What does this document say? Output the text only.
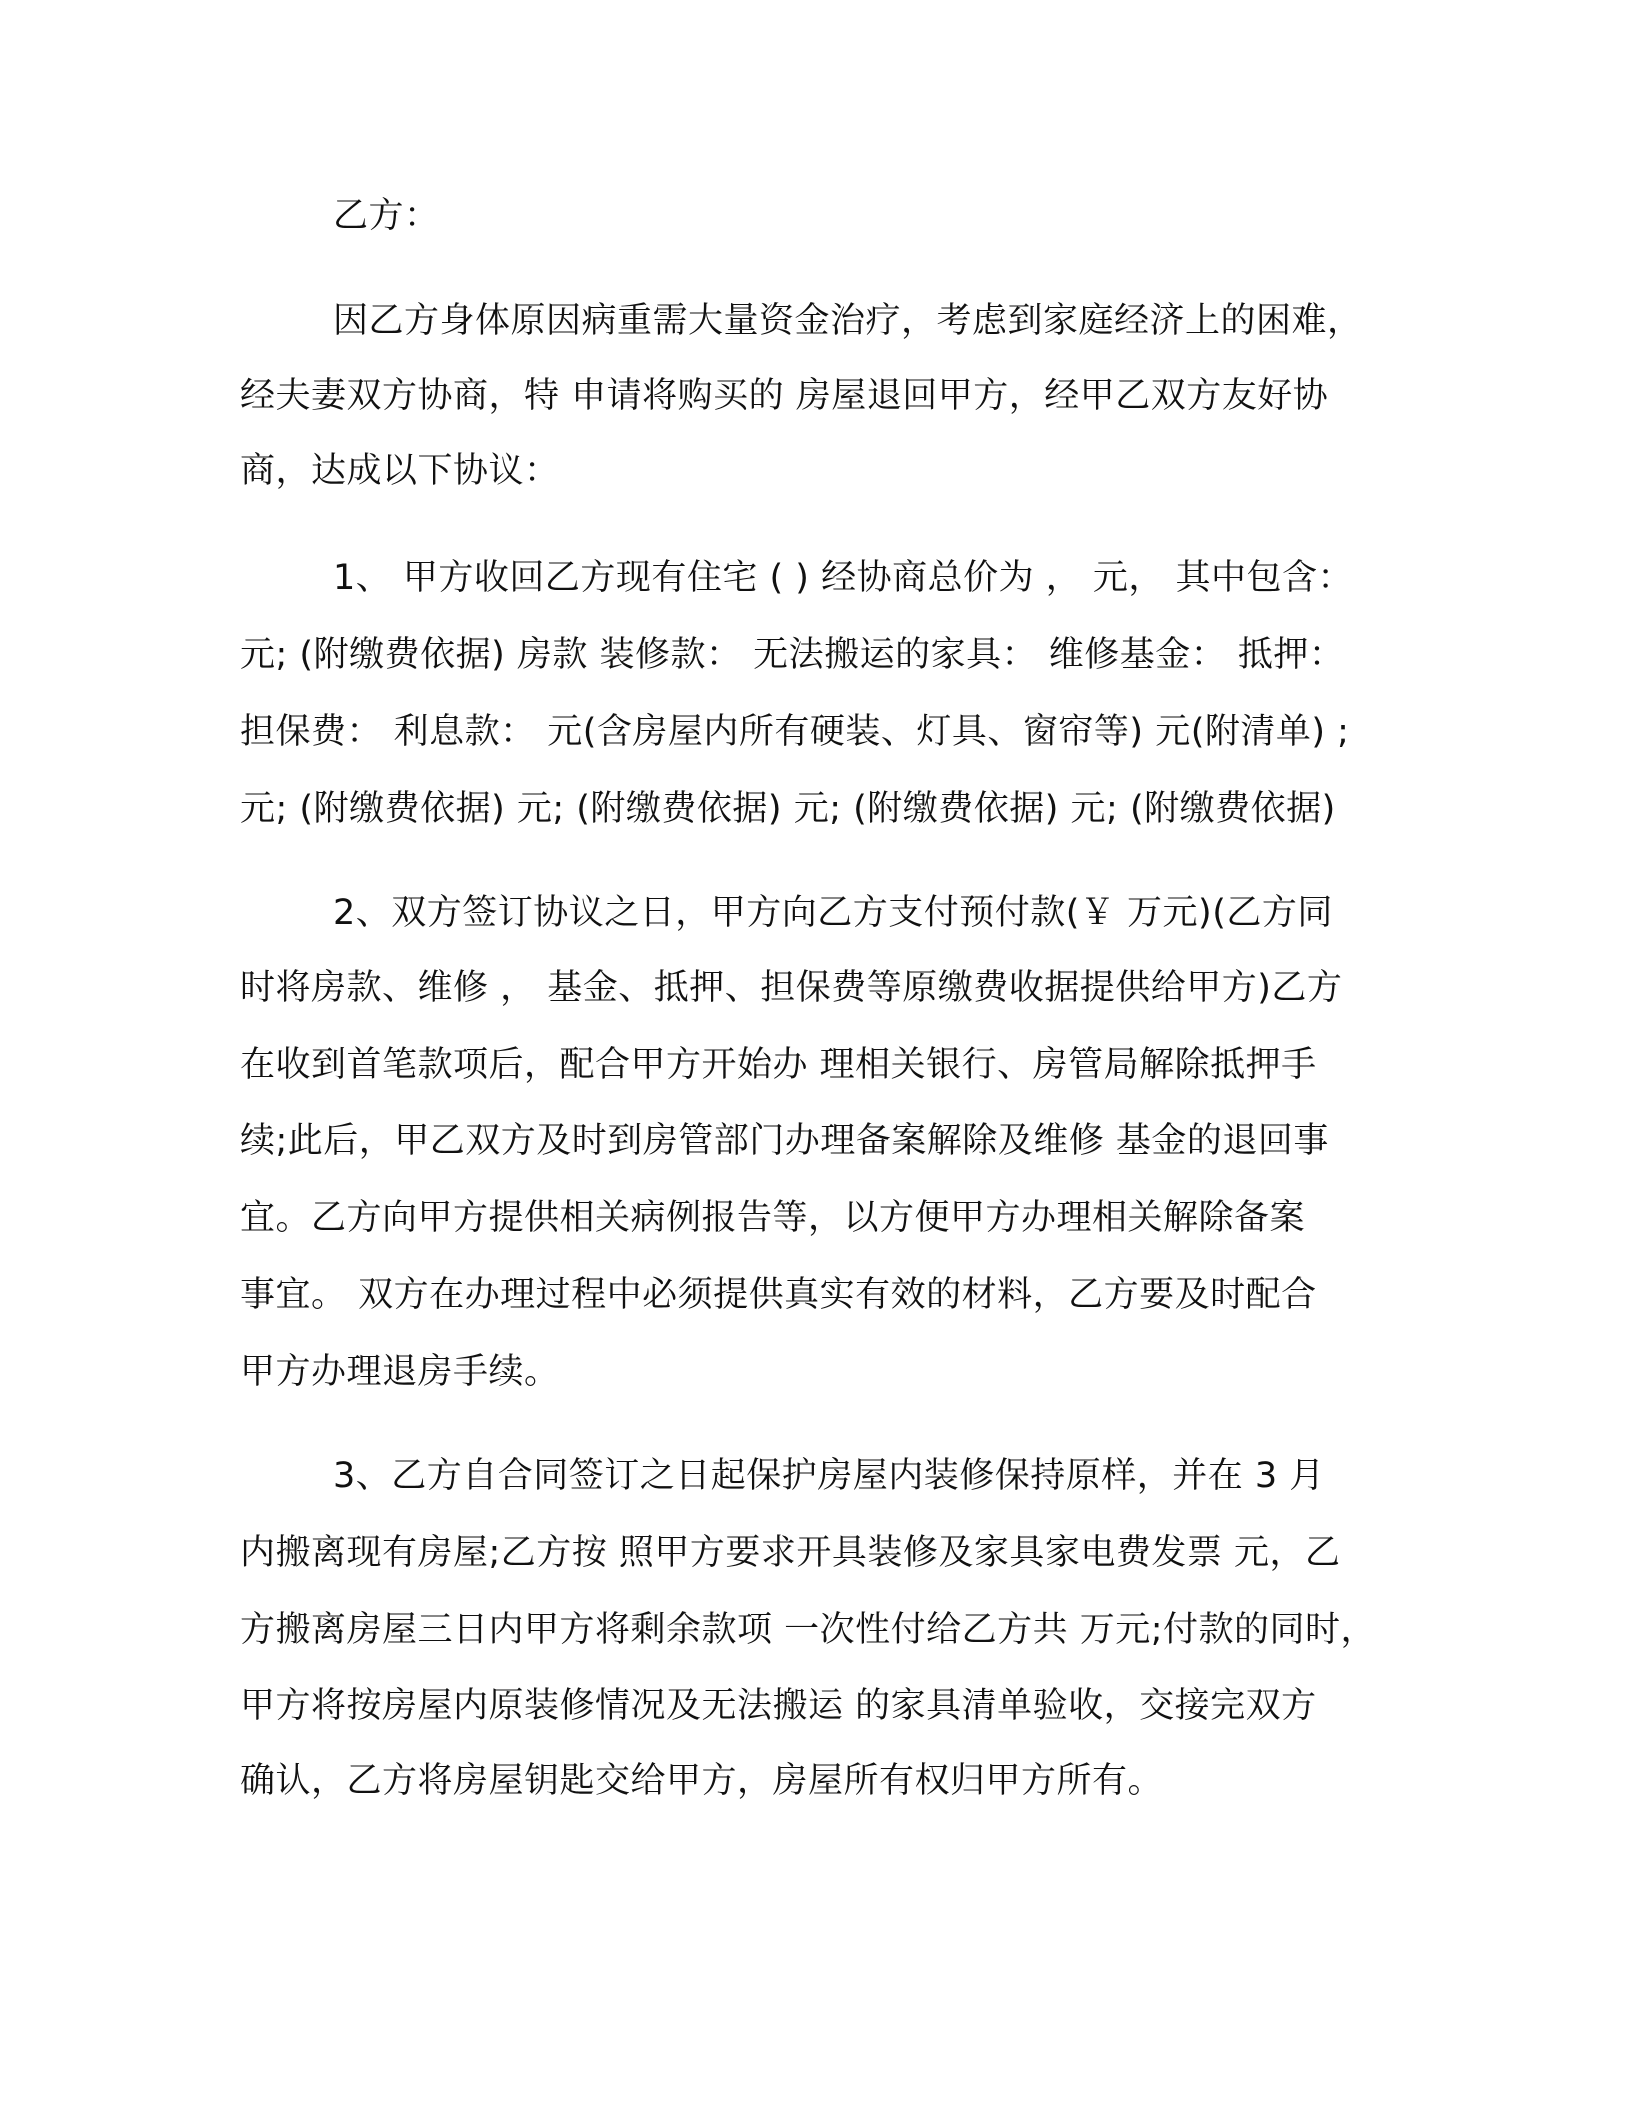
乙方：
因乙方身体原因病重需大量资金治疗，考虑到家庭经济上的困难，
经夫妻双方协商，特 申请将购买的 房屋退回甲方，经甲乙双方友好协
商，达成以下协议：
1、 甲方收回乙方现有住宅 ( ) 经协商总价为 ， 元， 其中包含：
元; (附缴费依据) 房款 装修款： 无法搬运的家具： 维修基金： 抵押：
担保费： 利息款： 元(含房屋内所有硬装、灯具、窗帘等) 元(附清单) ;
元; (附缴费依据) 元; (附缴费依据) 元; (附缴费依据) 元; (附缴费依据)
2、双方签订协议之日，甲方向乙方支付预付款(￥ 万元)(乙方同
时将房款、维修 ， 基金、抵押、担保费等原缴费收据提供给甲方)乙方
在收到首笔款项后，配合甲方开始办 理相关银行、房管局解除抵押手
续;此后，甲乙双方及时到房管部门办理备案解除及维修 基金的退回事
宜。乙方向甲方提供相关病例报告等，以方便甲方办理相关解除备案
事宜。 双方在办理过程中必须提供真实有效的材料，乙方要及时配合
甲方办理退房手续。
3、乙方自合同签订之日起保护房屋内装修保持原样，并在 3 月
内搬离现有房屋;乙方按 照甲方要求开具装修及家具家电费发票 元，乙
方搬离房屋三日内甲方将剩余款项 一次性付给乙方共 万元;付款的同时，
甲方将按房屋内原装修情况及无法搬运 的家具清单验收，交接完双方
确认，乙方将房屋钥匙交给甲方，房屋所有权归甲方所有。
